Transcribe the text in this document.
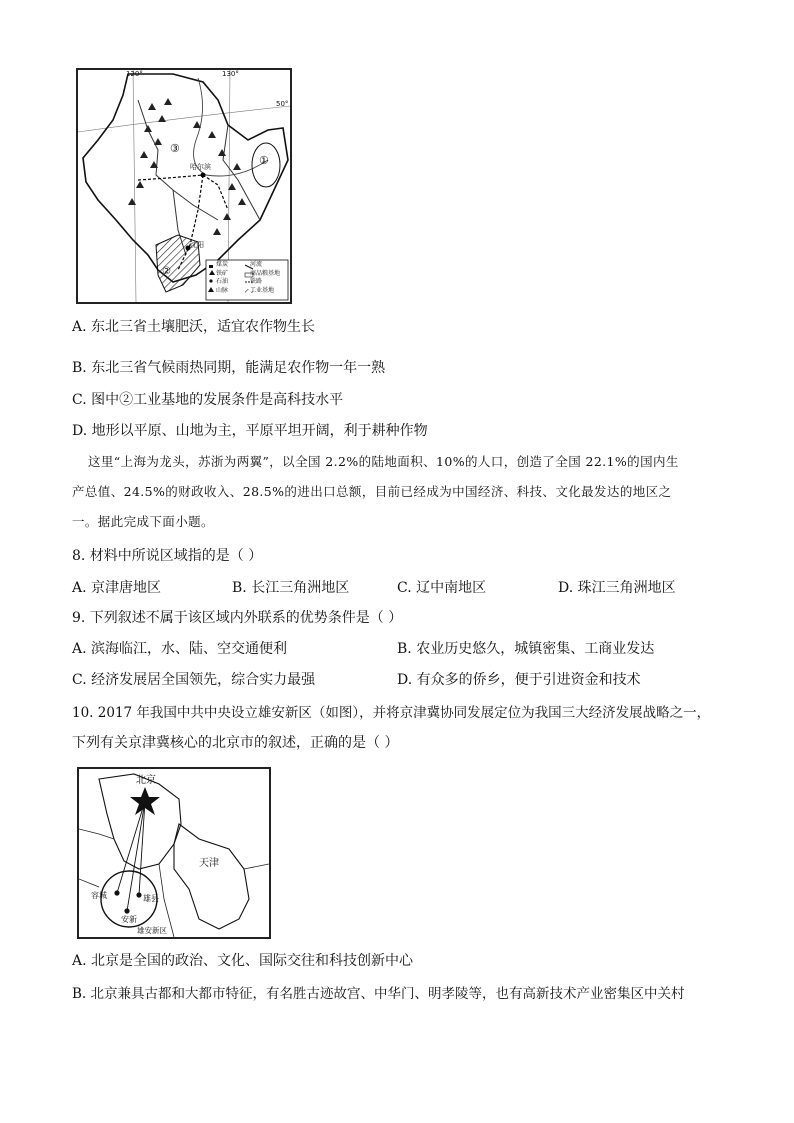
120°	130°
50°
①
③
②
哈尔滨
沈阳
煤炭	河流
铁矿	商品粮基地
石油	铁路
山脉	工业基地
A. 东北三省土壤肥沃，适宜农作物生长
B. 东北三省气候雨热同期，能满足农作物一年一熟
C. 图中②工业基地的发展条件是高科技水平
D. 地形以平原、山地为主，平原平坦开阔，利于耕种作物
这里“上海为龙头，苏浙为两翼”，以全国 2.2%的陆地面积、10%的人口，创造了全国 22.1%的国内生
产总值、24.5%的财政收入、28.5%的进出口总额，目前已经成为中国经济、科技、文化最发达的地区之
一。据此完成下面小题。
8. 材料中所说区域指的是（ ）
A. 京津唐地区	B. 长江三角洲地区	C. 辽中南地区	D. 珠江三角洲地区
9. 下列叙述不属于该区域内外联系的优势条件是（ ）
A. 滨海临江，水、陆、空交通便利	B. 农业历史悠久，城镇密集、工商业发达
C. 经济发展居全国领先，综合实力最强	D. 有众多的侨乡，便于引进资金和技术
10. 2017 年我国中共中央设立雄安新区（如图），并将京津冀协同发展定位为我国三大经济发展战略之一，
下列有关京津冀核心的北京市的叙述，正确的是（ ）
北京
天津
容城	雄县
安新
雄安新区
A. 北京是全国的政治、文化、国际交往和科技创新中心
B. 北京兼具古都和大都市特征，有名胜古迹故宫、中华门、明孝陵等，也有高新技术产业密集区中关村
